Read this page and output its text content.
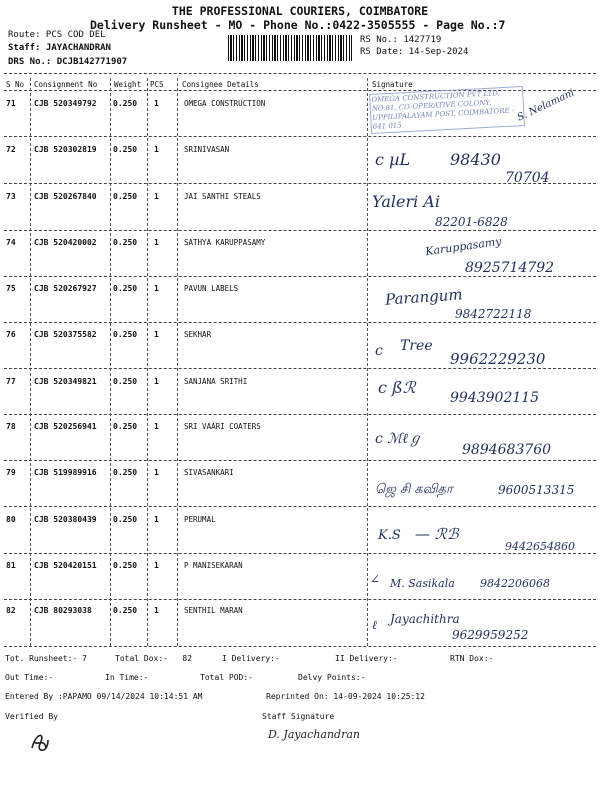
THE PROFESSIONAL COURIERS, COIMBATORE
Delivery Runsheet - MO - Phone No.:0422-3505555 - Page No.:7
Route: PCS COD DEL
Staff: JAYACHANDRAN
DRS No.: DCJB142771907
RS No.: 1427719
RS Date: 14-Sep-2024
S No Consignment No Weight PCS Consignee Details	Signature
71 CJB 520349792 0.250 1	OMEGA CONSTRUCTION	OMEGA CONSTRUCTION PVT LTD, NO.81, CO-OPERATIVE COLONY, UPPILIPALAYAM POST, COIMBATORE - 641 015
S. Nelamani
72 CJB 520302819 0.250 1	SRINIVASAN
c µL 98430
70704
73 CJB 520267840 0.250 1	JAI SANTHI STEALS	Yaleri Ai
82201-6828
74 CJB 520420002 0.250 1	SATHYA KARUPPASAMY	Karuppasamy
8925714792
75 CJB 520267927 0.250 1	PAVUN LABELS	Parangum
9842722118
76 CJB 520375582 0.250 1	SEKHAR
c Tree
9962229230
77 CJB 520349821 0.250 1	SANJANA SRITHI	c ßℛ
9943902115
78 CJB 520256941 0.250 1	SRI VAARI COATERS
c ℳℓℊ
9894683760
79 CJB 519989916 0.250 1	SIVASANKARI
ஜெ சி கவிதா	9600513315
80 CJB 520380439 0.250 1	PERUMAL
K.S — ℛℬ
9442654860
81 CJB 520420151 0.250 1	P MANISEKARAN
∠ M. Sasikala 9842206068
82 CJB 80293038	0.250 1	SENTHIL MARAN
ℓ Jayachithra
9629959252
Tot. Runsheet:- 7	Total Dox:-   82	I Delivery:-	II Delivery:-	RTN Dox:-
Out Time:-	In Time:-	Total POD:-	Delvy Points:-
Entered By :PAPAMO 09/14/2024 10:14:51 AM	Reprinted On: 14-09-2024 10:25:12
Verified By	Staff Signature
D. Jayachandran
